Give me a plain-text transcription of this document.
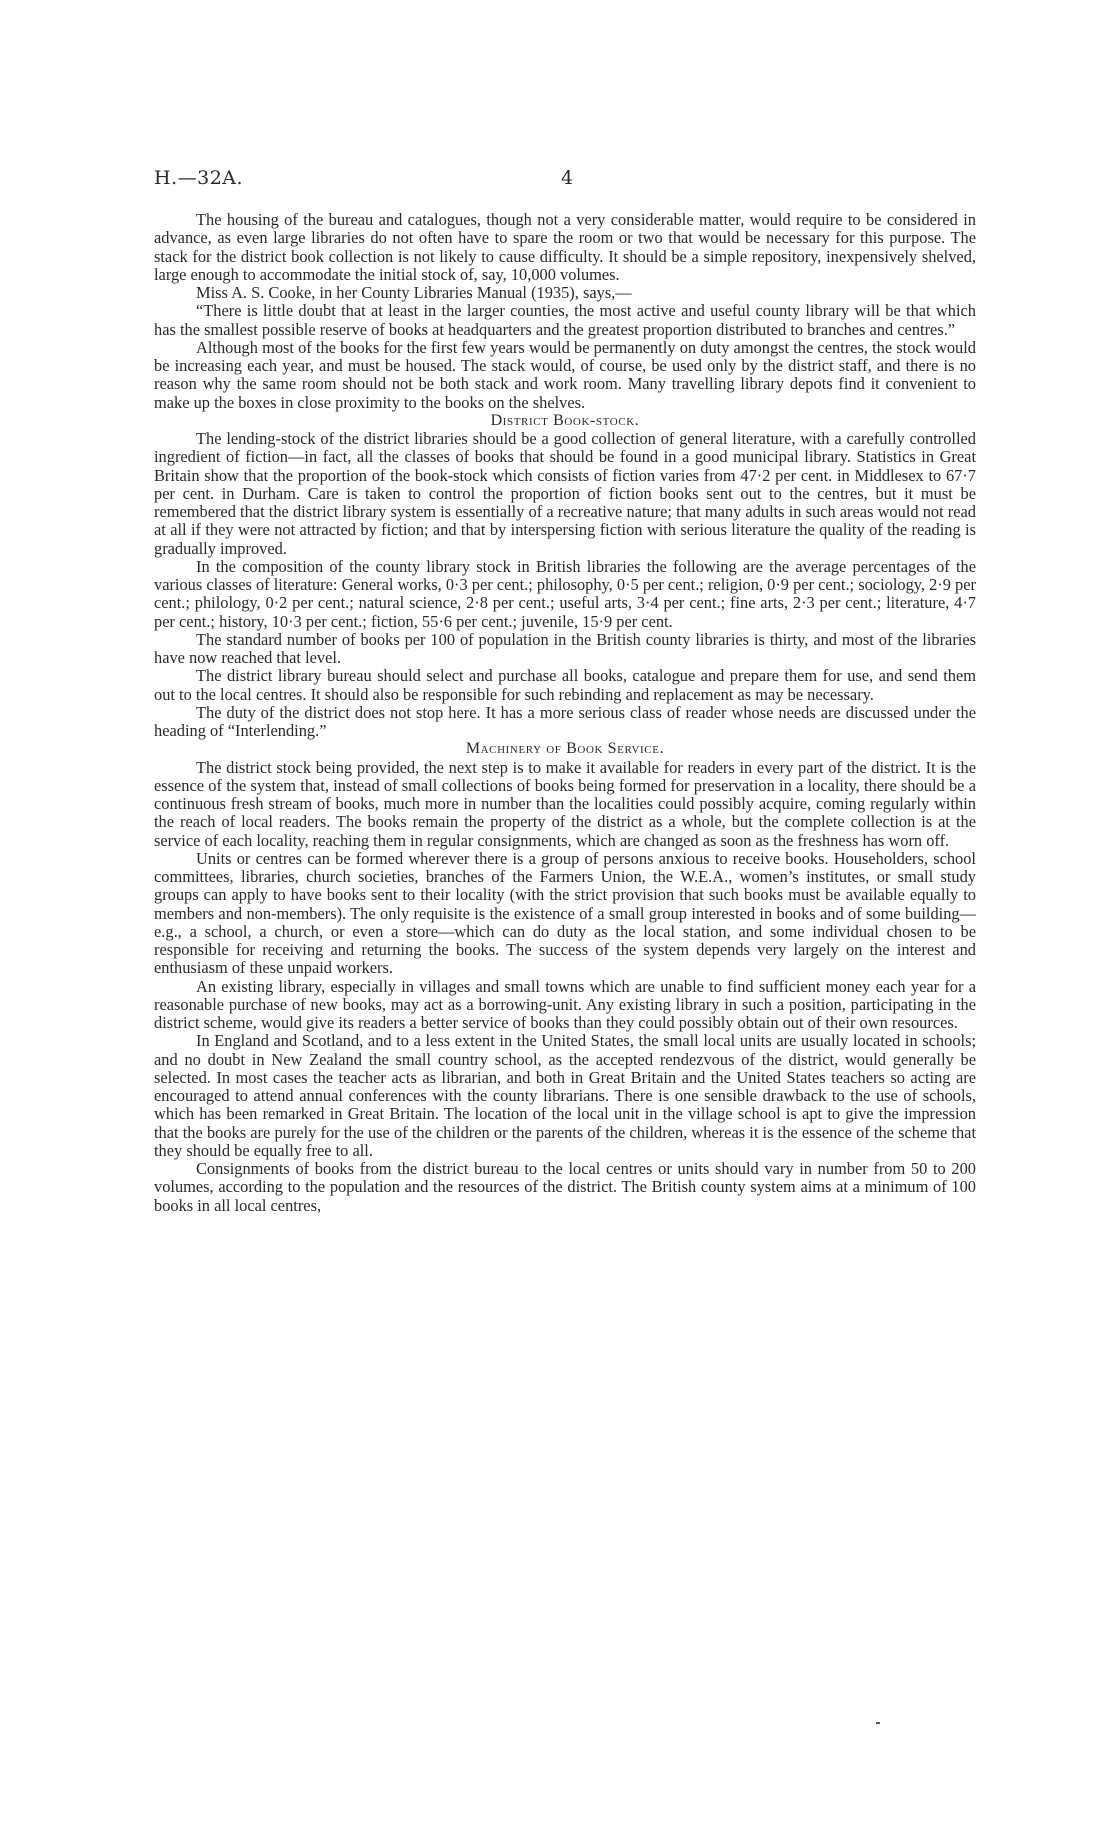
H.—32A.	4

The housing of the bureau and catalogues, though not a very considerable matter, would require to be considered in advance, as even large libraries do not often have to spare the room or two that would be necessary for this purpose. The stack for the district book collection is not likely to cause difficulty. It should be a simple repository, inexpensively shelved, large enough to accommodate the initial stock of, say, 10,000 volumes.

Miss A. S. Cooke, in her County Libraries Manual (1935), says,—

“There is little doubt that at least in the larger counties, the most active and useful county library will be that which has the smallest possible reserve of books at headquarters and the greatest proportion distributed to branches and centres.”

Although most of the books for the first few years would be permanently on duty amongst the centres, the stock would be increasing each year, and must be housed. The stack would, of course, be used only by the district staff, and there is no reason why the same room should not be both stack and work room. Many travelling library depots find it convenient to make up the boxes in close proximity to the books on the shelves.

District Book-stock.

The lending-stock of the district libraries should be a good collection of general literature, with a carefully controlled ingredient of fiction—in fact, all the classes of books that should be found in a good municipal library. Statistics in Great Britain show that the proportion of the book-stock which consists of fiction varies from 47·2 per cent. in Middlesex to 67·7 per cent. in Durham. Care is taken to control the proportion of fiction books sent out to the centres, but it must be remembered that the district library system is essentially of a recreative nature; that many adults in such areas would not read at all if they were not attracted by fiction; and that by interspersing fiction with serious literature the quality of the reading is gradually improved.

In the composition of the county library stock in British libraries the following are the average percentages of the various classes of literature: General works, 0·3 per cent.; philosophy, 0·5 per cent.; religion, 0·9 per cent.; sociology, 2·9 per cent.; philology, 0·2 per cent.; natural science, 2·8 per cent.; useful arts, 3·4 per cent.; fine arts, 2·3 per cent.; literature, 4·7 per cent.; history, 10·3 per cent.; fiction, 55·6 per cent.; juvenile, 15·9 per cent.

The standard number of books per 100 of population in the British county libraries is thirty, and most of the libraries have now reached that level.

The district library bureau should select and purchase all books, catalogue and prepare them for use, and send them out to the local centres. It should also be responsible for such rebinding and replacement as may be necessary.

The duty of the district does not stop here. It has a more serious class of reader whose needs are discussed under the heading of “Interlending.”

Machinery of Book Service.

The district stock being provided, the next step is to make it available for readers in every part of the district. It is the essence of the system that, instead of small collections of books being formed for preservation in a locality, there should be a continuous fresh stream of books, much more in number than the localities could possibly acquire, coming regularly within the reach of local readers. The books remain the property of the district as a whole, but the complete collection is at the service of each locality, reaching them in regular consignments, which are changed as soon as the freshness has worn off.

Units or centres can be formed wherever there is a group of persons anxious to receive books. Householders, school committees, libraries, church societies, branches of the Farmers Union, the W.E.A., women’s institutes, or small study groups can apply to have books sent to their locality (with the strict provision that such books must be available equally to members and non-members). The only requisite is the existence of a small group interested in books and of some building—e.g., a school, a church, or even a store—which can do duty as the local station, and some individual chosen to be responsible for receiving and returning the books. The success of the system depends very largely on the interest and enthusiasm of these unpaid workers.

An existing library, especially in villages and small towns which are unable to find sufficient money each year for a reasonable purchase of new books, may act as a borrowing-unit. Any existing library in such a position, participating in the district scheme, would give its readers a better service of books than they could possibly obtain out of their own resources.

In England and Scotland, and to a less extent in the United States, the small local units are usually located in schools; and no doubt in New Zealand the small country school, as the accepted rendezvous of the district, would generally be selected. In most cases the teacher acts as librarian, and both in Great Britain and the United States teachers so acting are encouraged to attend annual conferences with the county librarians. There is one sensible drawback to the use of schools, which has been remarked in Great Britain. The location of the local unit in the village school is apt to give the impression that the books are purely for the use of the children or the parents of the children, whereas it is the essence of the scheme that they should be equally free to all.

Consignments of books from the district bureau to the local centres or units should vary in number from 50 to 200 volumes, according to the population and the resources of the district. The British county system aims at a minimum of 100 books in all local centres,
